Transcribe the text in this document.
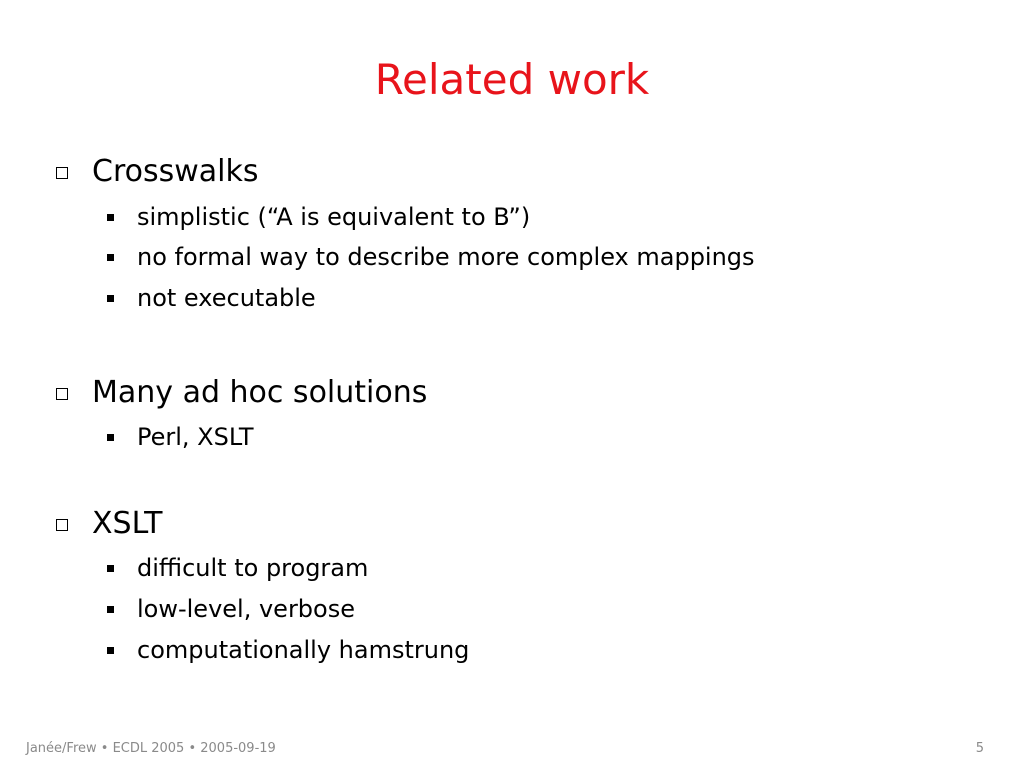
Related work
Crosswalks
simplistic (“A is equivalent to B”)
no formal way to describe more complex mappings
not executable
Many ad hoc solutions
Perl, XSLT
XSLT
difficult to program
low-level, verbose
computationally hamstrung
Janée/Frew • ECDL 2005 • 2005-09-19	5
